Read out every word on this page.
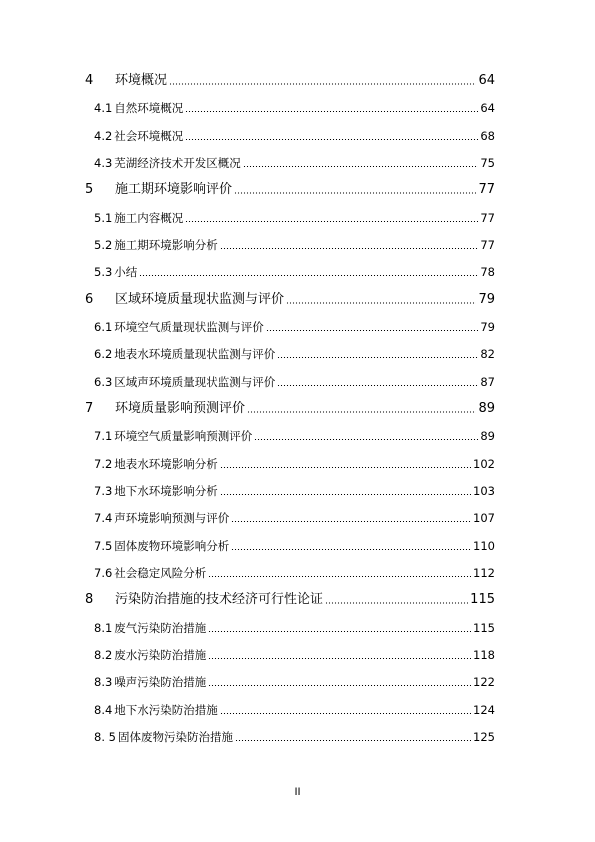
4	环境概况	64
4.1 自然环境概况	64
4.2 社会环境概况	68
4.3 芜湖经济技术开发区概况	75
5	施工期环境影响评价	77
5.1 施工内容概况	77
5.2 施工期环境影响分析	77
5.3 小结	78
6	区域环境质量现状监测与评价	79
6.1 环境空气质量现状监测与评价	79
6.2 地表水环境质量现状监测与评价	82
6.3 区域声环境质量现状监测与评价	87
7	环境质量影响预测评价	89
7.1 环境空气质量影响预测评价	89
7.2 地表水环境影响分析	102
7.3 地下水环境影响分析	103
7.4 声环境影响预测与评价	107
7.5 固体废物环境影响分析	110
7.6 社会稳定风险分析	112
8	污染防治措施的技术经济可行性论证	115
8.1 废气污染防治措施	115
8.2 废水污染防治措施	118
8.3 噪声污染防治措施	122
8.4 地下水污染防治措施	124
8. 5 固体废物污染防治措施	125
II
